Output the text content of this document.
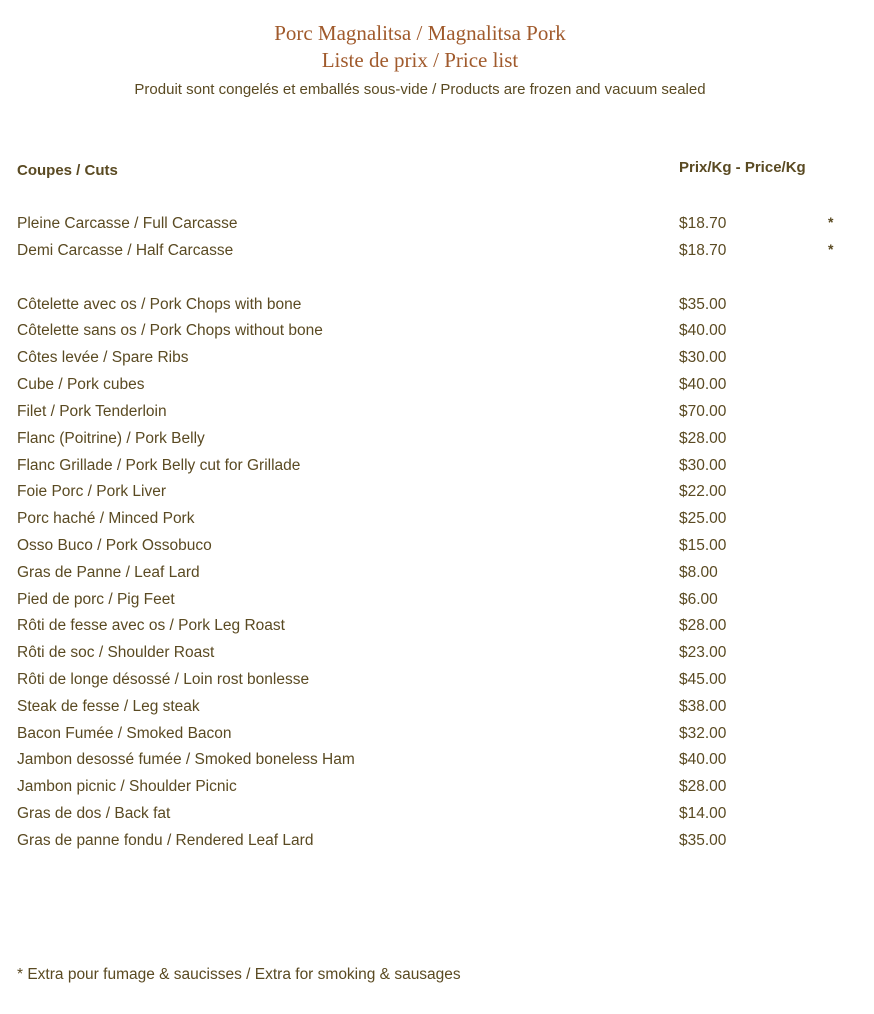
Porc Magnalitsa / Magnalitsa Pork
Liste de prix / Price list
Produit sont congelés et emballés sous-vide / Products are frozen and vacuum sealed
Coupes / Cuts	Prix/Kg - Price/Kg
Pleine Carcasse / Full Carcasse	$18.70	*
Demi Carcasse / Half Carcasse	$18.70	*
Côtelette avec os / Pork Chops with bone	$35.00
Côtelette sans os / Pork Chops without bone	$40.00
Côtes levée / Spare Ribs	$30.00
Cube / Pork cubes	$40.00
Filet / Pork Tenderloin	$70.00
Flanc (Poitrine) / Pork Belly	$28.00
Flanc Grillade / Pork Belly cut for Grillade	$30.00
Foie Porc / Pork Liver	$22.00
Porc haché / Minced Pork	$25.00
Osso Buco / Pork Ossobuco	$15.00
Gras de Panne / Leaf Lard	$8.00
Pied de porc / Pig Feet	$6.00
Rôti de fesse avec os / Pork Leg Roast	$28.00
Rôti de soc / Shoulder Roast	$23.00
Rôti de longe désossé / Loin rost bonlesse	$45.00
Steak de fesse / Leg steak	$38.00
Bacon Fumée / Smoked Bacon	$32.00
Jambon desossé fumée / Smoked boneless Ham	$40.00
Jambon picnic / Shoulder Picnic	$28.00
Gras de dos / Back fat	$14.00
Gras de panne fondu / Rendered Leaf Lard	$35.00
* Extra pour fumage & saucisses / Extra for smoking & sausages
